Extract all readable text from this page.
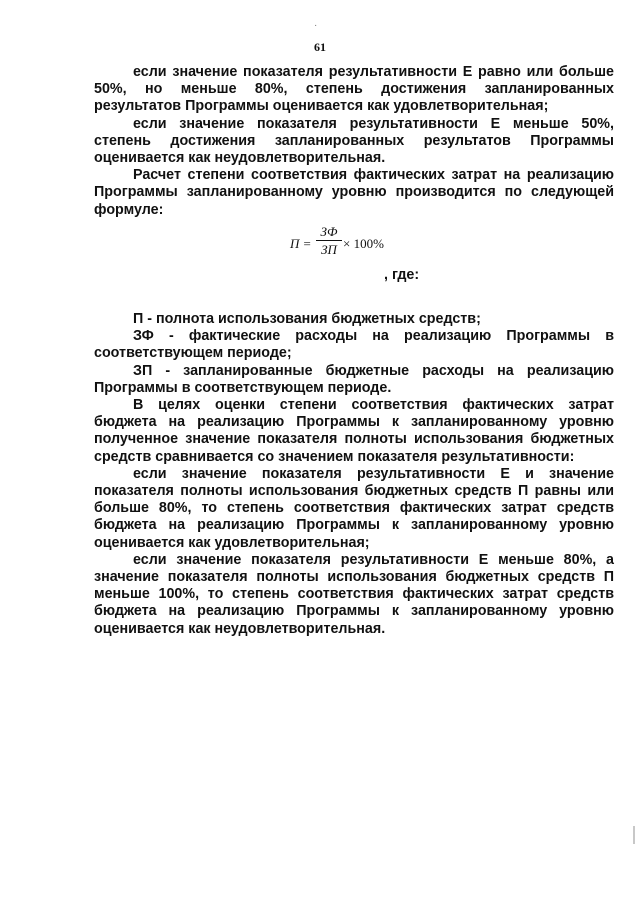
·
61

если значение показателя результативности Е равно или больше 50%, но меньше 80%, степень достижения запланированных результатов Программы оценивается как удовлетворительная;

если значение показателя результативности Е меньше 50%, степень достижения запланированных результатов Программы оценивается как неудовлетворительная.

Расчет степени соответствия фактических затрат на реализацию Программы запланированному уровню производится по следующей формуле:

П =
ЗФ
ЗП × 100%

, где:

П - полнота использования бюджетных средств;

ЗФ - фактические расходы на реализацию Программы в соответствующем периоде;

ЗП - запланированные бюджетные расходы на реализацию Программы в соответствующем периоде.

В целях оценки степени соответствия фактических затрат бюджета на реализацию Программы к запланированному уровню полученное значение показателя полноты использования бюджетных средств сравнивается со значением показателя результативности:

если значение показателя результативности Е и значение показателя полноты использования бюджетных средств П равны или больше 80%, то степень соответствия фактических затрат средств бюджета на реализацию Программы к запланированному уровню оценивается как удовлетворительная;

если значение показателя результативности Е меньше 80%, а значение показателя полноты использования бюджетных средств П меньше 100%, то степень соответствия фактических затрат средств бюджета на реализацию Программы к запланированному уровню оценивается как неудовлетворительная.
